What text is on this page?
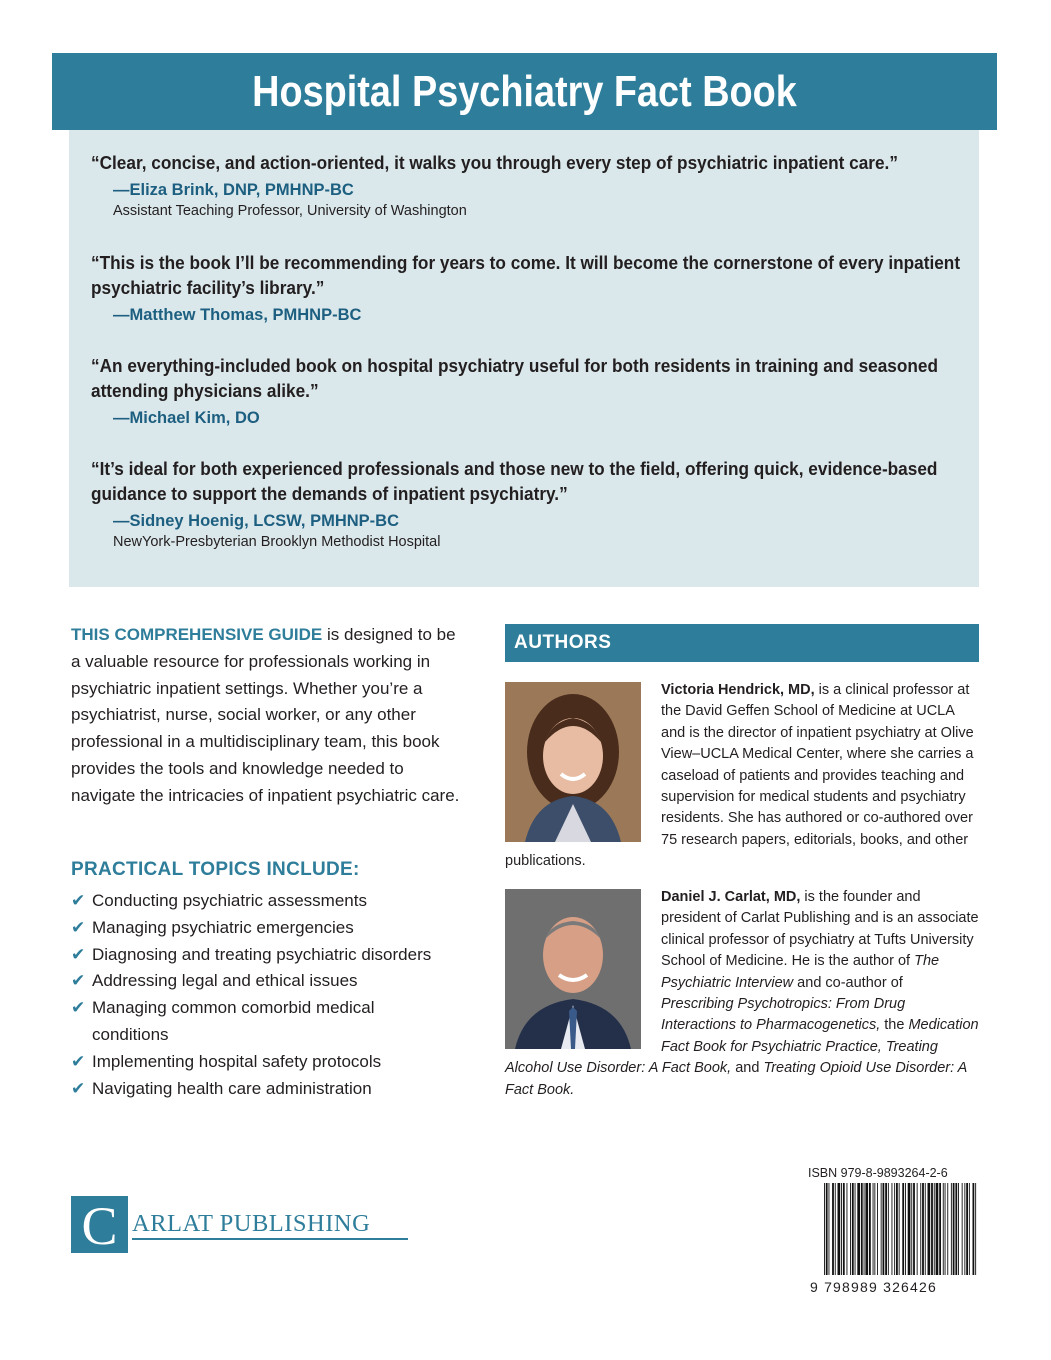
Hospital Psychiatry Fact Book
“Clear, concise, and action-oriented, it walks you through every step of psychiatric inpatient care.”
—Eliza Brink, DNP, PMHNP-BC
Assistant Teaching Professor, University of Washington
“This is the book I’ll be recommending for years to come. It will become the cornerstone of every inpatient psychiatric facility’s library.”
—Matthew Thomas, PMHNP-BC
“An everything-included book on hospital psychiatry useful for both residents in training and seasoned attending physicians alike.”
—Michael Kim, DO
“It’s ideal for both experienced professionals and those new to the field, offering quick, evidence-based guidance to support the demands of inpatient psychiatry.”
—Sidney Hoenig, LCSW, PMHNP-BC
NewYork-Presbyterian Brooklyn Methodist Hospital
THIS COMPREHENSIVE GUIDE is designed to be a valuable resource for professionals working in psychiatric inpatient settings. Whether you’re a psychiatrist, nurse, social worker, or any other professional in a multidisciplinary team, this book provides the tools and knowledge needed to navigate the intricacies of inpatient psychiatric care.
PRACTICAL TOPICS INCLUDE:
✔ Conducting psychiatric assessments
✔ Managing psychiatric emergencies
✔ Diagnosing and treating psychiatric disorders
✔ Addressing legal and ethical issues
✔ Managing common comorbid medical conditions
✔ Implementing hospital safety protocols
✔ Navigating health care administration
AUTHORS
Victoria Hendrick, MD, is a clinical professor at the David Geffen School of Medicine at UCLA and is the director of inpatient psychiatry at Olive View–UCLA Medical Center, where she carries a caseload of patients and provides teaching and supervision for medical students and psychiatry residents. She has authored or co-authored over 75 research papers, editorials, books, and other publications.
Daniel J. Carlat, MD, is the founder and president of Carlat Publishing and is an associate clinical professor of psychiatry at Tufts University School of Medicine. He is the author of The Psychiatric Interview and co-author of Prescribing Psychotropics: From Drug Interactions to Pharmacogenetics, the Medication Fact Book for Psychiatric Practice, Treating Alcohol Use Disorder: A Fact Book, and Treating Opioid Use Disorder: A Fact Book.
C ARLAT PUBLISHING
ISBN 979-8-9893264-2-6
9 798989 326426
